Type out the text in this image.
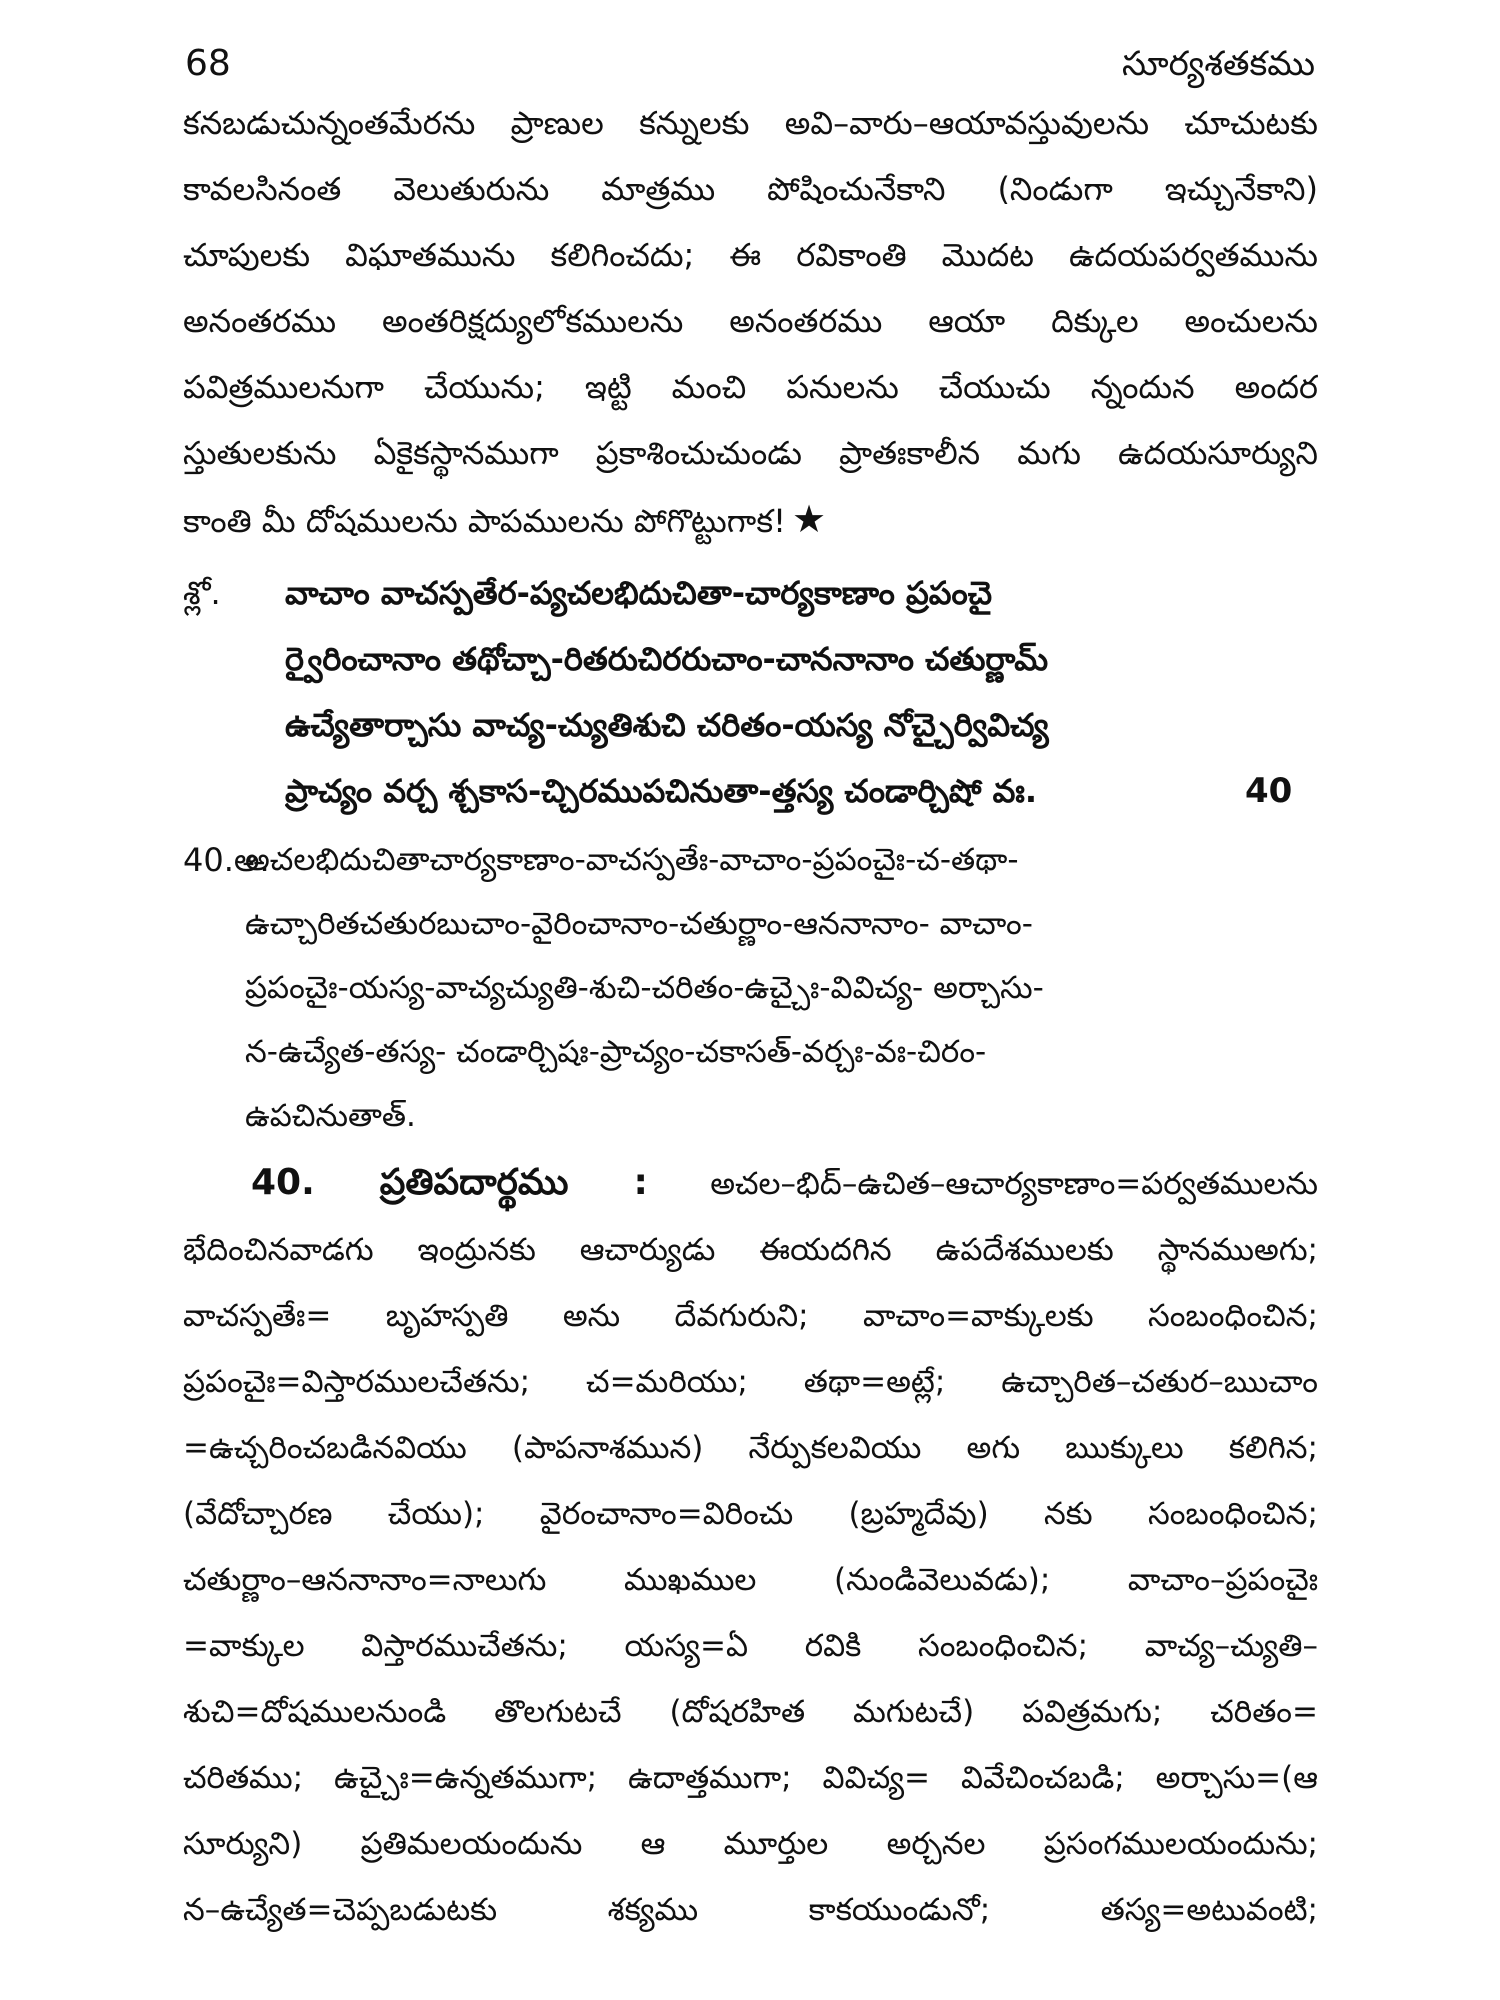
68	సూర్యశతకము
కనబడుచున్నంతమేరను ప్రాణుల కన్నులకు అవి–వారు–ఆయావస్తువులను చూచుటకు
కావలసినంత వెలుతురును మాత్రము పోషించునేకాని (నిండుగా ఇచ్చునేకాని)
చూపులకు విఘాతమును కలిగించదు; ఈ రవికాంతి మొదట ఉదయపర్వతమును
అనంతరము అంతరిక్షద్యులోకములను అనంతరము ఆయా దిక్కుల అంచులను
పవిత్రములనుగా చేయును; ఇట్టి మంచి పనులను చేయుచు న్నందున అందర
స్తుతులకును ఏకైకస్థానముగా ప్రకాశించుచుండు ప్రాతఃకాలీన మగు ఉదయసూర్యుని
కాంతి మీ దోషములను పాపములను పోగొట్టుగాక! ★
శ్లో. వాచాం వాచస్పతేర-ప్యచలభిదుచితా-చార్యకాణాం ప్రపంచై
ర్వైరించానాం తథోచ్చా-రితరుచిరరుచాం-చాననానాం చతుర్ణామ్
ఉచ్యేతార్చాసు వాచ్య-చ్యుతిశుచి చరితం-యస్య నోచ్చైర్వివిచ్య
ప్రాచ్యం వర్చ శ్చకాస-చ్చిరముపచినుతా-త్తస్య చండార్చిషో వః.	40
40.అ.
అచలభిదుచితాచార్యకాణాం-వాచస్పతేః-వాచాం-ప్రపంచైః-చ-తథా-
ఉచ్చారితచతురబుచాం-వైరించానాం-చతుర్ణాం-ఆననానాం- వాచాం-
ప్రపంచైః-యస్య-వాచ్యచ్యుతి-శుచి-చరితం-ఉచ్చైః-వివిచ్య- అర్చాసు-
న-ఉచ్యేత-తస్య- చండార్చిషః-ప్రాచ్యం-చకాసత్-వర్చః-వః-చిరం-
ఉపచినుతాత్.
40. ప్రతిపదార్థము : అచల–భిద్–ఉచిత–ఆచార్యకాణాం=పర్వతములను
భేదించినవాడగు ఇంద్రునకు ఆచార్యుడు ఈయదగిన ఉపదేశములకు స్థానముఅగు;
వాచస్పతేః= బృహస్పతి అను దేవగురుని; వాచాం=వాక్కులకు సంబంధించిన;
ప్రపంచైః=విస్తారములచేతను; చ=మరియు; తథా=అట్లే; ఉచ్చారిత–చతుర–ఋచాం
=ఉచ్చరించబడినవియు (పాపనాశమున) నేర్పుకలవియు అగు ఋక్కులు కలిగిన;
(వేదోచ్చారణ చేయు); వైరంచానాం=విరించు (బ్రహ్మదేవు) నకు సంబంధించిన;
చతుర్ణాం–ఆననానాం=నాలుగు ముఖముల (నుండివెలువడు); వాచాం–ప్రపంచైః
=వాక్కుల విస్తారముచేతను; యస్య=ఏ రవికి సంబంధించిన; వాచ్య–చ్యుతి–
శుచి=దోషములనుండి తొలగుటచే (దోషరహిత మగుటచే) పవిత్రమగు; చరితం=
చరితము; ఉచ్చైః=ఉన్నతముగా; ఉదాత్తముగా; వివిచ్య= వివేచించబడి; అర్చాసు=(ఆ
సూర్యుని) ప్రతిమలయందును ఆ మూర్తుల అర్చనల ప్రసంగములయందును;
న–ఉచ్యేత=చెప్పబడుటకు శక్యము కాకయుండునో; తస్య=అటువంటి;
